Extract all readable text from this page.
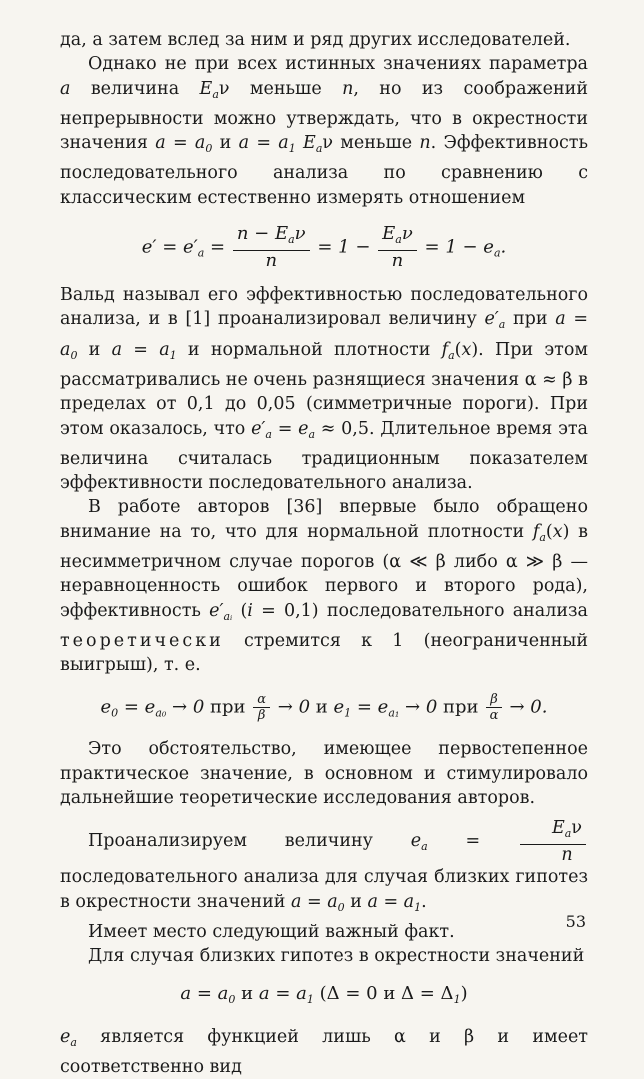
да, а затем вслед за ним и ряд других исследователей.

Однако не при всех истинных значениях параметра a величина $E_a\nu$ меньше n, но из соображений непрерывности можно утверждать, что в окрестности значения $a = a_0$ и $a = a_1$ $E_a\nu$ меньше n. Эффективность последовательного анализа по сравнению с классическим естественно измерять отношением

$e' = e'_a = \frac{n - E_a\nu}{n} = 1 - \frac{E_a\nu}{n} = 1 - e_a$.

Вальд называл его эффективностью последовательного анализа, и в [1] проанализировал величину $e'_a$ при $a = a_0$ и $a = a_1$ и нормальной плотности $f_a(x)$. При этом рассматривались не очень разнящиеся значения α ≈ β в пределах от 0,1 до 0,05 (симметричные пороги). При этом оказалось, что $e'_a = e_a \approx 0,5$. Длительное время эта величина считалась традиционным показателем эффективности последовательного анализа.

В работе авторов [36] впервые было обращено внимание на то, что для нормальной плотности $f_a(x)$ в несимметричном случае порогов (α ≪ β либо α ≫ β — неравноценность ошибок первого и второго рода), эффективность $e'_{aᵢ}$ (i = 0,1) последовательного анализа теоретически стремится к 1 (неограниченный выигрыш), т. е.

$e_0 = e_{a_0} \to 0$ при $\frac{\alpha}{\beta} \to 0$ и $e_1 = e_{a_1} \to 0$ при $\frac{\beta}{\alpha} \to 0$.

Это обстоятельство, имеющее первостепенное практическое значение, в основном и стимулировало дальнейшие теоретические исследования авторов.

Проанализируем величину $e_a = \frac{E_a\nu}{n}$
последовательного анализа для случая близких гипотез в окрестности значений $a = a_0$ и $a = a_1$.

Имеет место следующий важный факт.

Для случая близких гипотез в окрестности значений

$a = a_0$ и $a = a_1$ (Δ = 0 и $\Delta = \Delta_1$)

$e_a$ является функцией лишь α и β и имеет соответственно вид

53
